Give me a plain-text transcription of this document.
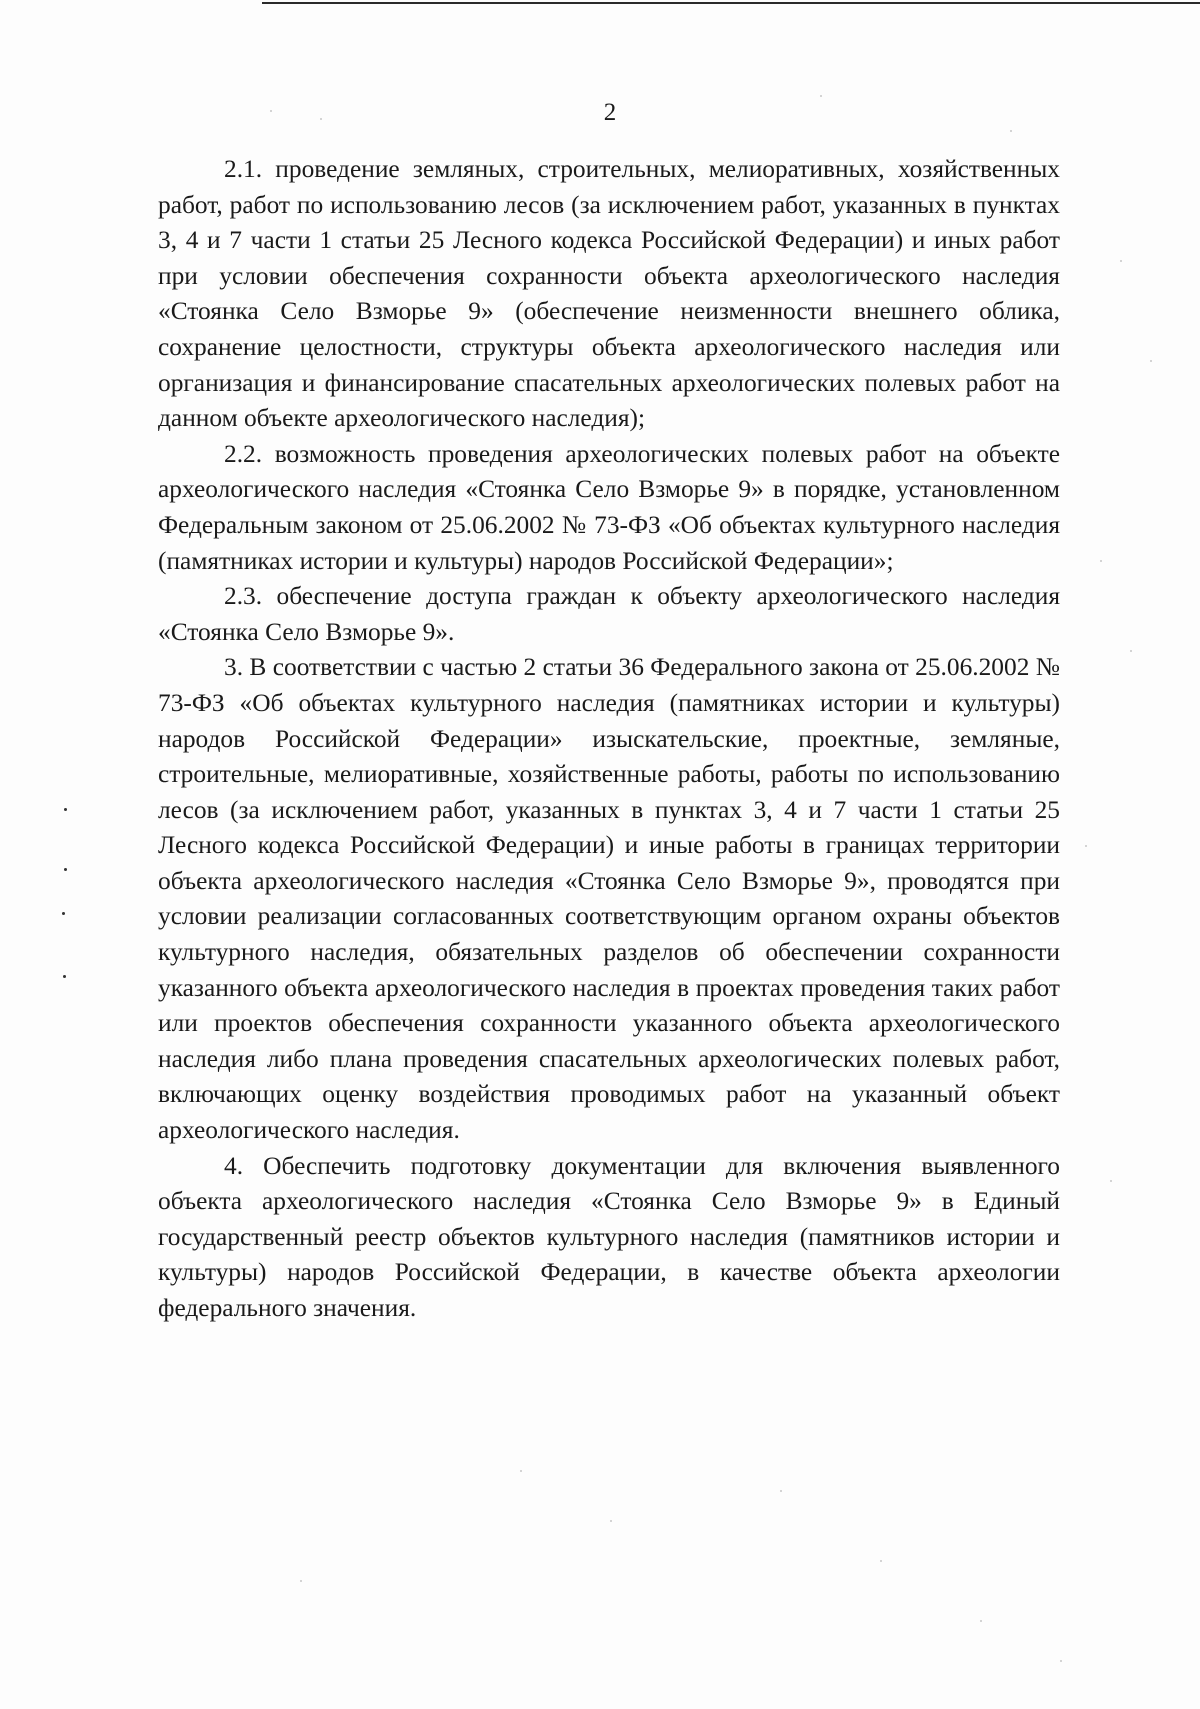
2

2.1. проведение земляных, строительных, мелиоративных, хозяйственных работ, работ по использованию лесов (за исключением работ, указанных в пунктах 3, 4 и 7 части 1 статьи 25 Лесного кодекса Российской Федерации) и иных работ при условии обеспечения сохранности объекта археологического наследия «Стоянка Село Взморье 9» (обеспечение неизменности внешнего облика, сохранение целостности, структуры объекта археологического наследия или организация и финансирование спасательных археологических полевых работ на данном объекте археологического наследия);

2.2. возможность проведения археологических полевых работ на объекте археологического наследия «Стоянка Село Взморье 9» в порядке, установленном Федеральным законом от 25.06.2002 № 73-ФЗ «Об объектах культурного наследия (памятниках истории и культуры) народов Российской Федерации»;

2.3. обеспечение доступа граждан к объекту археологического наследия «Стоянка Село Взморье 9».

3. В соответствии с частью 2 статьи 36 Федерального закона от 25.06.2002 № 73-ФЗ «Об объектах культурного наследия (памятниках истории и культуры) народов Российской Федерации» изыскательские, проектные, земляные, строительные, мелиоративные, хозяйственные работы, работы по использованию лесов (за исключением работ, указанных в пунктах 3, 4 и 7 части 1 статьи 25 Лесного кодекса Российской Федерации) и иные работы в границах территории объекта археологического наследия «Стоянка Село Взморье 9», проводятся при условии реализации согласованных соответствующим органом охраны объектов культурного наследия, обязательных разделов об обеспечении сохранности указанного объекта археологического наследия в проектах проведения таких работ или проектов обеспечения сохранности указанного объекта археологического наследия либо плана проведения спасательных археологических полевых работ, включающих оценку воздействия проводимых работ на указанный объект археологического наследия.

4. Обеспечить подготовку документации для включения выявленного объекта археологического наследия «Стоянка Село Взморье 9» в Единый государственный реестр объектов культурного наследия (памятников истории и культуры) народов Российской Федерации, в качестве объекта археологии федерального значения.
